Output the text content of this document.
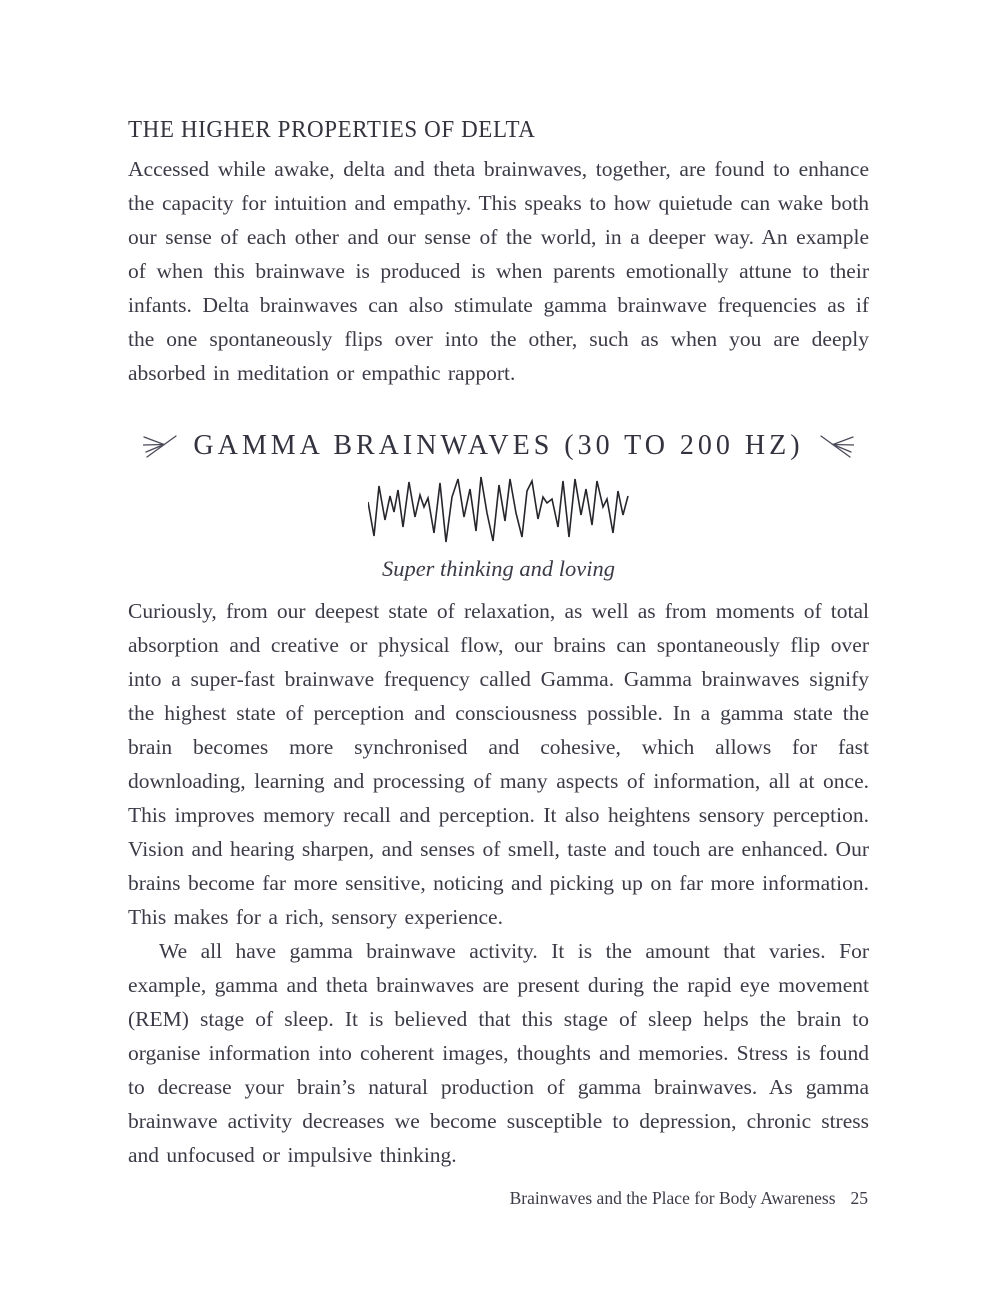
THE HIGHER PROPERTIES OF DELTA

Accessed while awake, delta and theta brainwaves, together, are found to enhance the capacity for intuition and empathy. This speaks to how quietude can wake both our sense of each other and our sense of the world, in a deeper way. An example of when this brainwave is produced is when parents emotionally attune to their infants. Delta brainwaves can also stimulate gamma brainwave frequencies as if the one spontaneously flips over into the other, such as when you are deeply absorbed in meditation or empathic rapport.

GAMMA BRAINWAVES (30 TO 200 HZ)
Super thinking and loving

Curiously, from our deepest state of relaxation, as well as from moments of total absorption and creative or physical flow, our brains can spontaneously flip over into a super-fast brainwave frequency called Gamma. Gamma brainwaves signify the highest state of perception and consciousness possible. In a gamma state the brain becomes more synchronised and cohesive, which allows for fast downloading, learning and processing of many aspects of information, all at once. This improves memory recall and perception. It also heightens sensory perception. Vision and hearing sharpen, and senses of smell, taste and touch are enhanced. Our brains become far more sensitive, noticing and picking up on far more information. This makes for a rich, sensory experience.

We all have gamma brainwave activity. It is the amount that varies. For example, gamma and theta brainwaves are present during the rapid eye movement (REM) stage of sleep. It is believed that this stage of sleep helps the brain to organise information into coherent images, thoughts and memories. Stress is found to decrease your brain’s natural production of gamma brainwaves. As gamma brainwave activity decreases we become susceptible to depression, chronic stress and unfocused or impulsive thinking.

Brainwaves and the Place for Body Awareness 25
